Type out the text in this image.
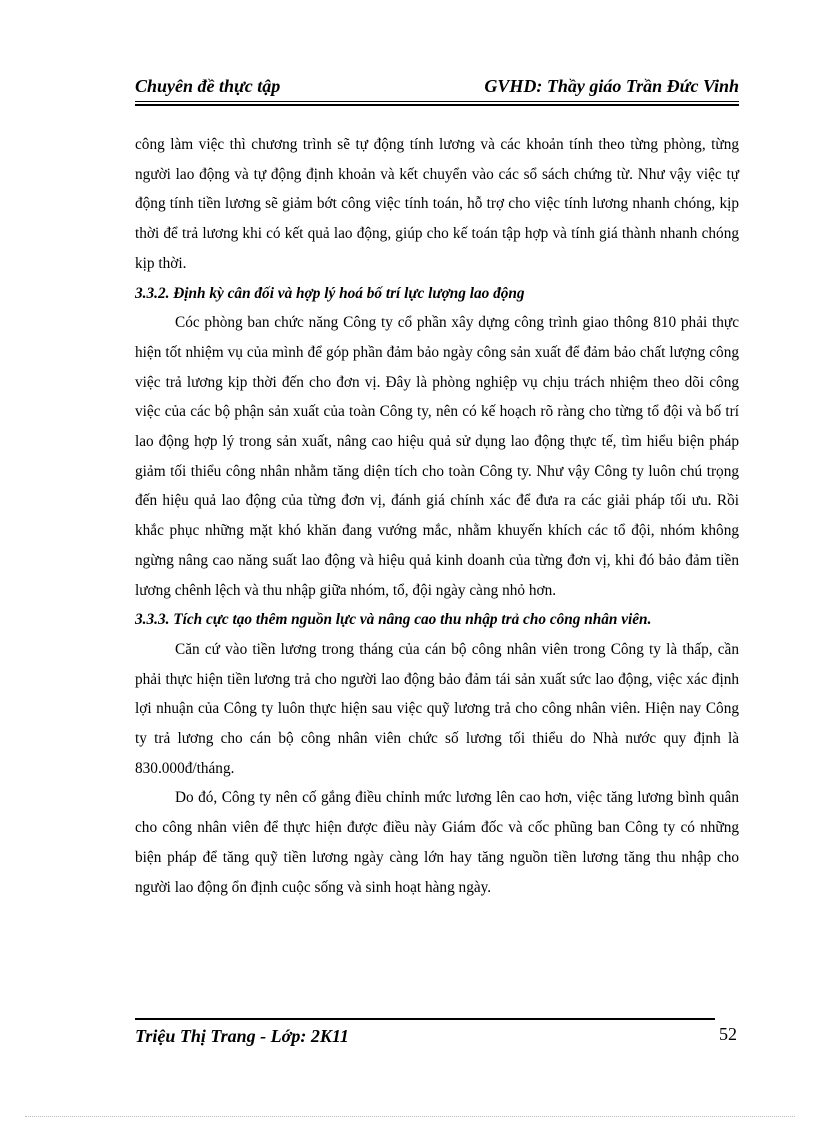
Chuyên đề thực tập	GVHD: Thầy giáo Trần Đức Vinh

công làm việc thì chương trình sẽ tự động tính lương và các khoản tính theo từng phòng, từng người lao động và tự động định khoản và kết chuyển vào các sổ sách chứng từ. Như vậy việc tự động tính tiền lương sẽ giảm bớt công việc tính toán, hỗ trợ cho việc tính lương nhanh chóng, kịp thời để trả lương khi có kết quả lao động, giúp cho kế toán tập hợp và tính giá thành nhanh chóng kịp thời.

3.3.2. Định kỳ cân đối và hợp lý hoá bố trí lực lượng lao động

Cóc phòng ban chức năng Công ty cổ phần xây dựng công trình giao thông 810 phải thực hiện tốt nhiệm vụ của mình để góp phần đảm bảo ngày công sản xuất để đảm bảo chất lượng công việc trả lương kịp thời đến cho đơn vị. Đây là phòng nghiệp vụ chịu trách nhiệm theo dõi công việc của các bộ phận sản xuất của toàn Công ty, nên có kế hoạch rõ ràng cho từng tổ đội và bố trí lao động hợp lý trong sản xuất, nâng cao hiệu quả sử dụng lao động thực tế, tìm hiểu biện pháp giảm tối thiểu công nhân nhằm tăng diện tích cho toàn Công ty. Như vậy Công ty luôn chú trọng đến hiệu quả lao động của từng đơn vị, đánh giá chính xác để đưa ra các giải pháp tối ưu. Rồi khắc phục những mặt khó khăn đang vướng mắc, nhằm khuyến khích các tổ đội, nhóm không ngừng nâng cao năng suất lao động và hiệu quả kinh doanh của từng đơn vị, khi đó bảo đảm tiền lương chênh lệch và thu nhập giữa nhóm, tổ, đội ngày càng nhỏ hơn.

3.3.3. Tích cực tạo thêm nguồn lực và nâng cao thu nhập trả cho công nhân viên.

Căn cứ vào tiền lương trong tháng của cán bộ công nhân viên trong Công ty là thấp, cần phải thực hiện tiền lương trả cho người lao động bảo đảm tái sản xuất sức lao động, việc xác định lợi nhuận của Công ty luôn thực hiện sau việc quỹ lương trả cho công nhân viên. Hiện nay Công ty trả lương cho cán bộ công nhân viên chức số lương tối thiểu do Nhà nước quy định là 830.000đ/tháng.

Do đó, Công ty nên cố gắng điều chỉnh mức lương lên cao hơn, việc tăng lương bình quân cho công nhân viên để thực hiện được điều này Giám đốc và cốc phũng ban Công ty có những biện pháp để tăng quỹ tiền lương ngày càng lớn hay tăng nguồn tiền lương tăng thu nhập cho người lao động ổn định cuộc sống và sinh hoạt hàng ngày.

Triệu Thị Trang - Lớp: 2K11	52
